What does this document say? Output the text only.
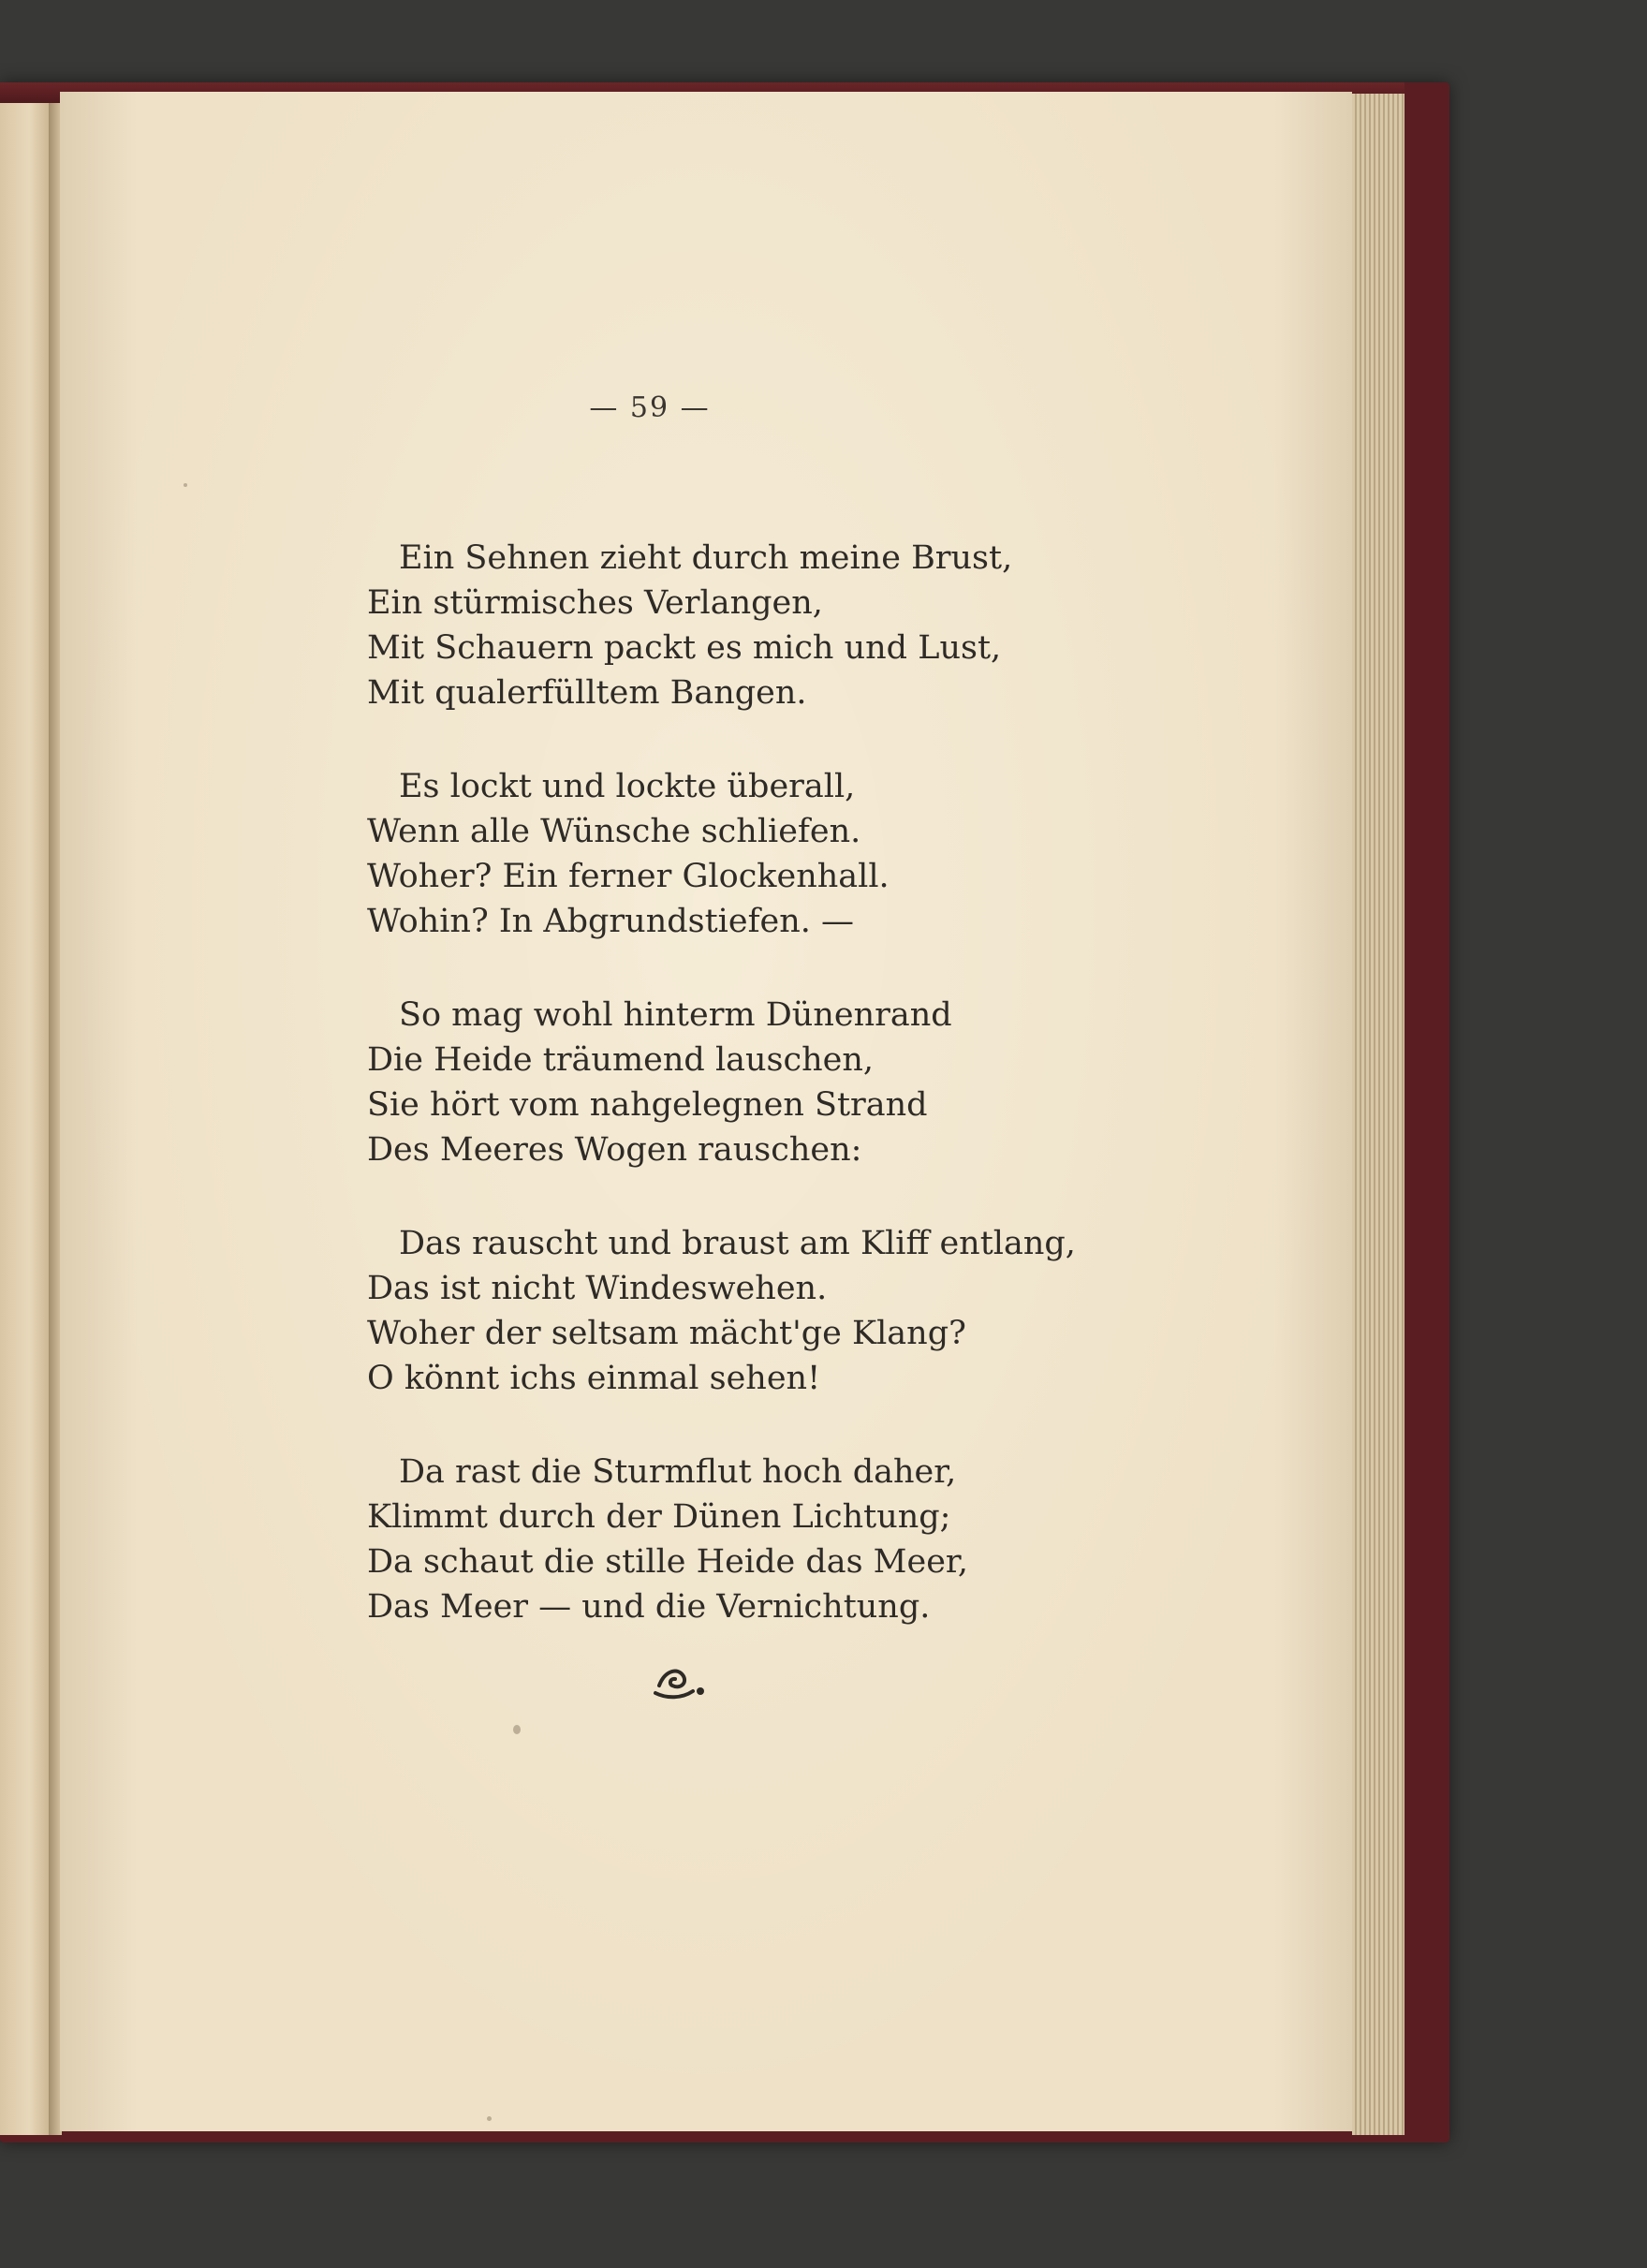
— 59 —
Ein Sehnen zieht durch meine Brust,
Ein stürmisches Verlangen,
Mit Schauern packt es mich und Lust,
Mit qualerfülltem Bangen.
Es lockt und lockte überall,
Wenn alle Wünsche schliefen.
Woher? Ein ferner Glockenhall.
Wohin? In Abgrundstiefen. —
So mag wohl hinterm Dünenrand
Die Heide träumend lauschen,
Sie hört vom nahgelegnen Strand
Des Meeres Wogen rauschen:
Das rauscht und braust am Kliff entlang,
Das ist nicht Windeswehen.
Woher der seltsam mächt'ge Klang?
O könnt ichs einmal sehen!
Da rast die Sturmflut hoch daher,
Klimmt durch der Dünen Lichtung;
Da schaut die stille Heide das Meer,
Das Meer — und die Vernichtung.
